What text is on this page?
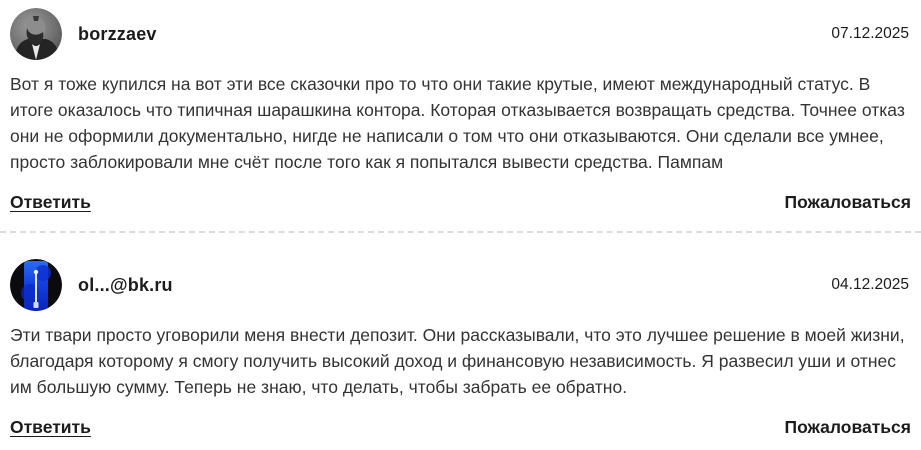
borzzaev	07.12.2025

Вот я тоже купился на вот эти все сказочки про то что они такие крутые, имеют международный статус. В итоге оказалось что типичная шарашкина контора. Которая отказывается возвращать средства. Точнее отказ они не оформили документально, нигде не написали о том что они отказываются. Они сделали все умнее, просто заблокировали мне счёт после того как я попытался вывести средства. Пампам

Ответить	Пожаловаться
ol...@bk.ru	04.12.2025

Эти твари просто уговорили меня внести депозит. Они рассказывали, что это лучшее решение в моей жизни, благодаря которому я смогу получить высокий доход и финансовую независимость. Я развесил уши и отнес им большую сумму. Теперь не знаю, что делать, чтобы забрать ее обратно.

Ответить	Пожаловаться
